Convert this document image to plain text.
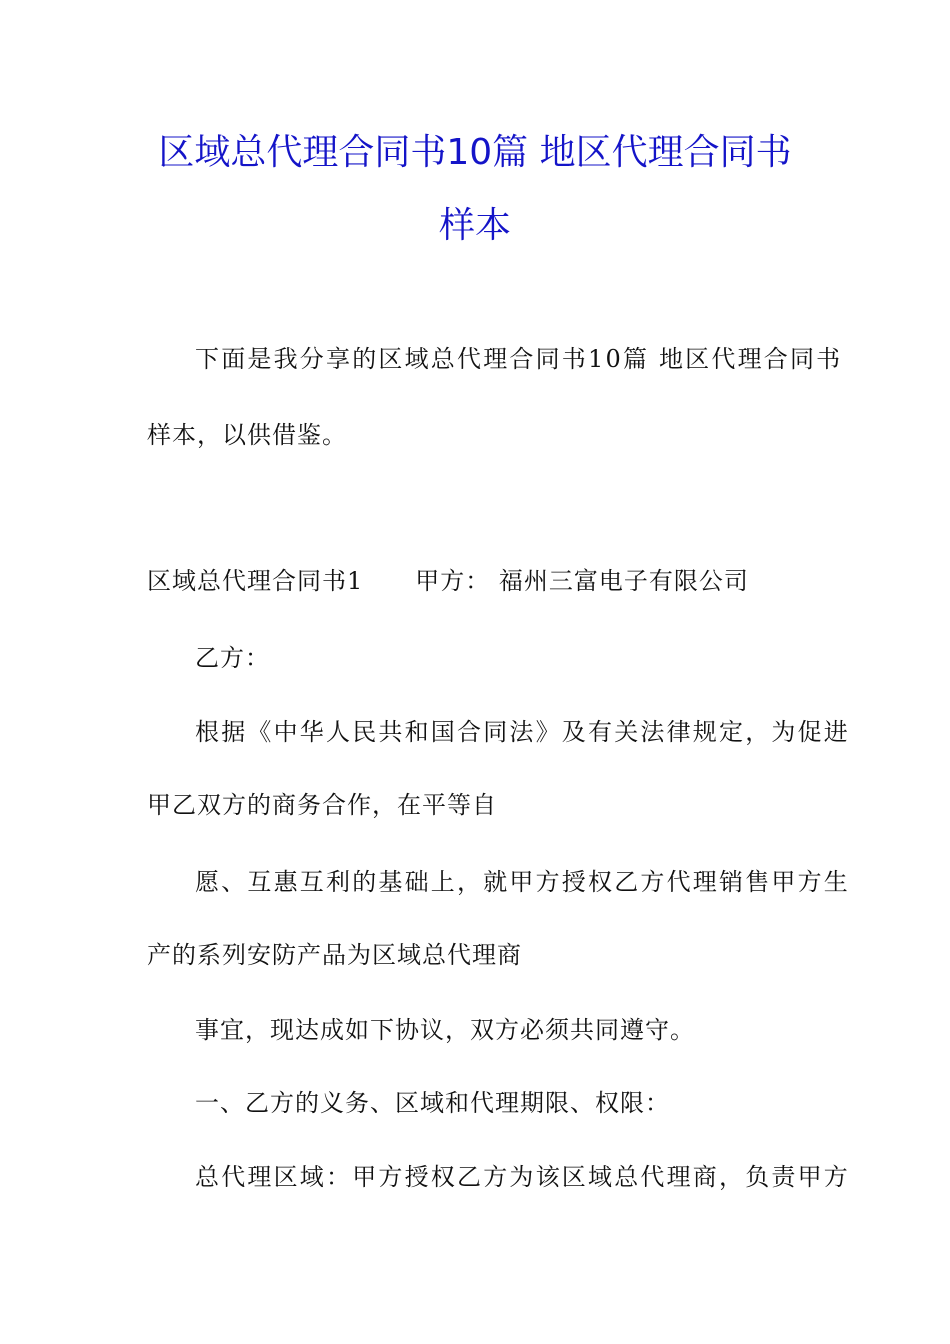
区域总代理合同书10篇 地区代理合同书
样本
下面是我分享的区域总代理合同书10篇 地区代理合同书
样本，以供借鉴。
区域总代理合同书1 甲方： 福州三富电子有限公司
乙方：
根据《中华人民共和国合同法》及有关法律规定，为促进
甲乙双方的商务合作，在平等自
愿、互惠互利的基础上，就甲方授权乙方代理销售甲方生
产的系列安防产品为区域总代理商
事宜，现达成如下协议，双方必须共同遵守。
一、乙方的义务、区域和代理期限、权限：
总代理区域：甲方授权乙方为该区域总代理商，负责甲方
